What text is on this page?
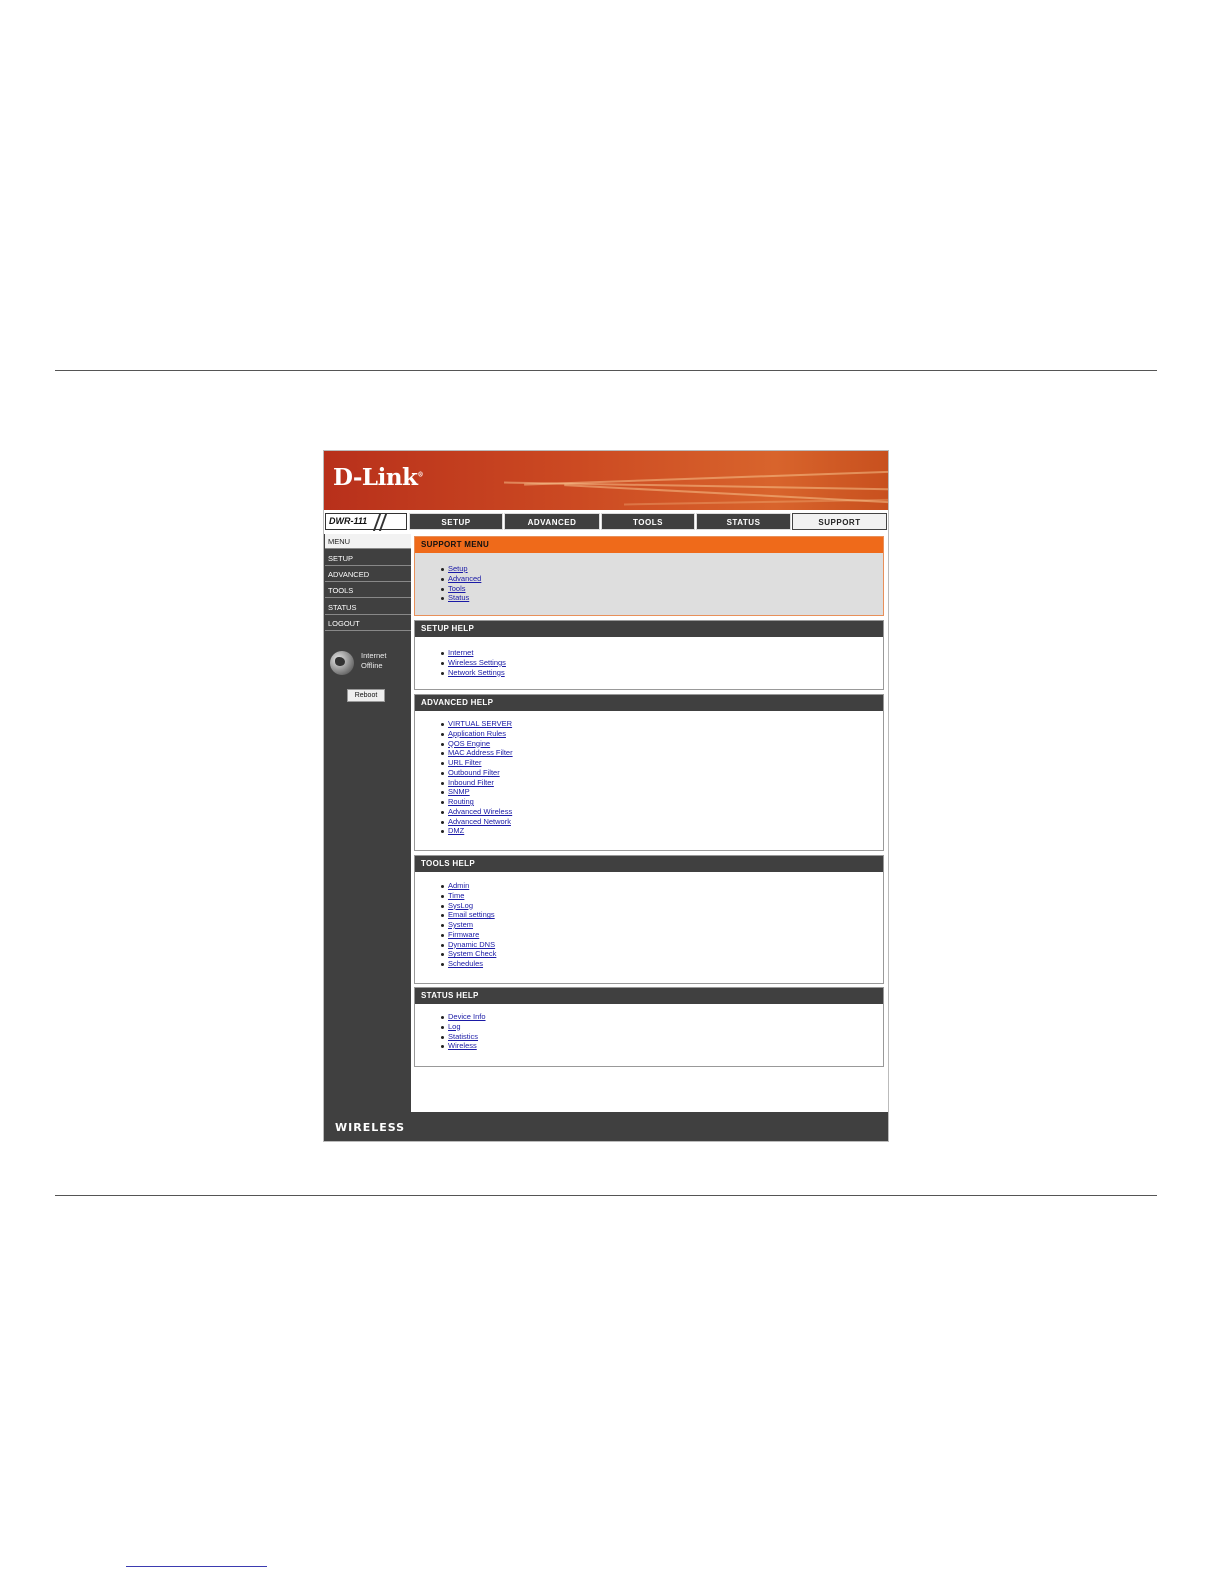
D-Link®
DWR-111	SETUP	ADVANCED	TOOLS	STATUS	SUPPORT
MENU
SETUP
ADVANCED
TOOLS
STATUS
LOGOUT
Internet
Offline
Reboot
SUPPORT MENU
Setup
Advanced
Tools
Status
SETUP HELP
Internet
Wireless Settings
Network Settings
ADVANCED HELP
VIRTUAL SERVER
Application Rules
QOS Engine
MAC Address Filter
URL Filter
Outbound Filter
Inbound Filter
SNMP
Routing
Advanced Wireless
Advanced Network
DMZ
TOOLS HELP
Admin
Time
SysLog
Email settings
System
Firmware
Dynamic DNS
System Check
Schedules
STATUS HELP
Device Info
Log
Statistics
Wireless
WIRELESS
